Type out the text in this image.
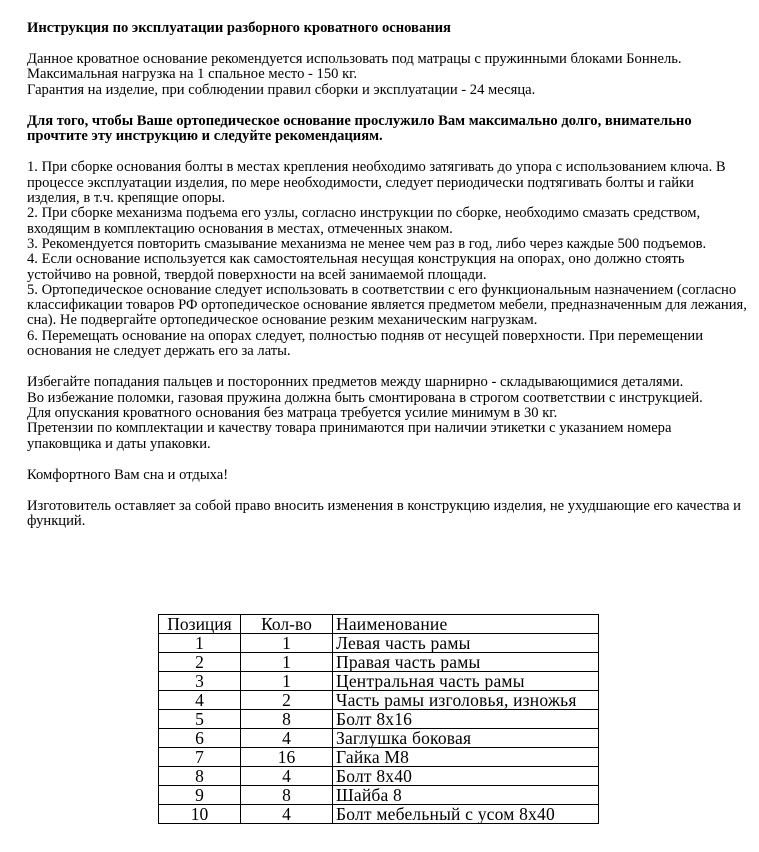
Инструкция по эксплуатации разборного кроватного основания

Данное кроватное основание рекомендуется использовать под матрацы с пружинными блоками Боннель.

Максимальная нагрузка на 1 спальное место - 150 кг.

Гарантия на изделие, при соблюдении правил сборки и эксплуатации - 24 месяца.

Для того, чтобы Ваше ортопедическое основание прослужило Вам максимально долго, внимательно прочтите эту инструкцию и следуйте рекомендациям.

1. При сборке основания болты в местах крепления необходимо затягивать до упора с использованием ключа. В процессе эксплуатации изделия, по мере необходимости, следует периодически подтягивать болты и гайки изделия, в т.ч. крепящие опоры.

2. При сборке механизма подъема его узлы, согласно инструкции по сборке, необходимо смазать средством, входящим в комплектацию основания в местах, отмеченных знаком.

3. Рекомендуется повторить смазывание механизма не менее чем раз в год, либо через каждые 500 подъемов.

4. Если основание используется как самостоятельная несущая конструкция на опорах, оно должно стоять устойчиво на ровной, твердой поверхности на всей занимаемой площади.

5. Ортопедическое основание следует использовать в соответствии с его функциональным назначением (согласно классификации товаров РФ ортопедическое основание является предметом мебели, предназначенным для лежания, сна). Не подвергайте ортопедическое основание резким механическим нагрузкам.

6. Перемещать основание на опорах следует, полностью подняв от несущей поверхности. При перемещении основания не следует держать его за латы.

Избегайте попадания пальцев и посторонних предметов между шарнирно - складывающимися деталями.

Во избежание поломки, газовая пружина должна быть смонтирована в строгом соответствии с инструкцией.

Для опускания кроватного основания без матраца требуется усилие минимум в 30 кг.

Претензии по комплектации и качеству товара принимаются при наличии этикетки с указанием номера упаковщика и даты упаковки.

Комфортного Вам сна и отдыха!

Изготовитель оставляет за собой право вносить изменения в конструкцию изделия, не ухудшающие его качества и функций.

Позиция	Кол-во	Наименование
1	1	Левая часть рамы
2	1	Правая часть рамы
3	1	Центральная часть рамы
4	2	Часть рамы изголовья, изножья
5	8	Болт 8х16
6	4	Заглушка боковая
7	16	Гайка М8
8	4	Болт 8х40
9	8	Шайба 8
10	4	Болт мебельный с усом 8х40
